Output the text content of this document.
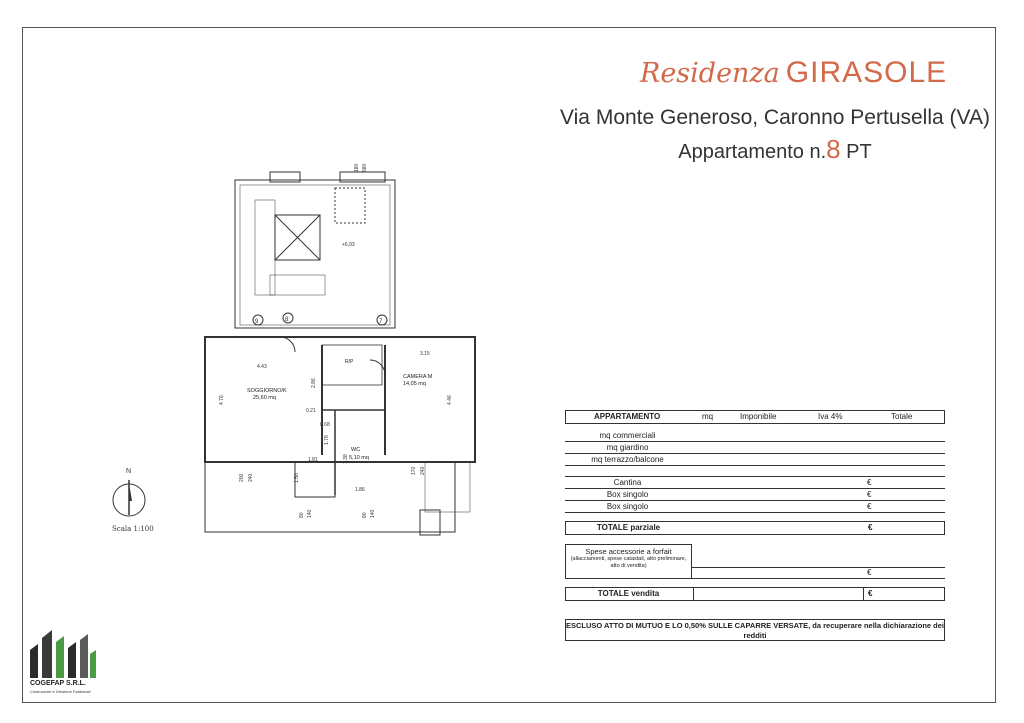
Residenza GIRASOLE
Via Monte Generoso, Caronno Pertusella (VA)
Appartamento n.8 PT
9	8	7
+6,93
SOGGIORNO/K
25,60 mq
CAMERA M
14,05 mq
WC
5,10 mq
R/P
4.43
3.15
4.76	4.46
2.86
0.21
0.68
1.78
1.81
1.50
1.86
1.38
200 240
170 240
80 140	80 140
180 580
N
Scala 1:100
COGEFAP S.R.L.
Costruzione e Gestione Fabbricati
APPARTAMENTO	mq	Imponibile	Iva 4%	Totale
mq commerciali
mq giardino
mq terrazzo/balcone
Cantina	€
Box singolo	€
Box singolo	€
TOTALE parziale	€
Spese accessorie a forfait
(allacciamenti, spese catastali, atto preliminare, atto di vendita)
€
TOTALE vendita	€
ESCLUSO ATTO DI MUTUO E LO 0,50% SULLE CAPARRE VERSATE, da recuperare nella dichiarazione dei redditi
